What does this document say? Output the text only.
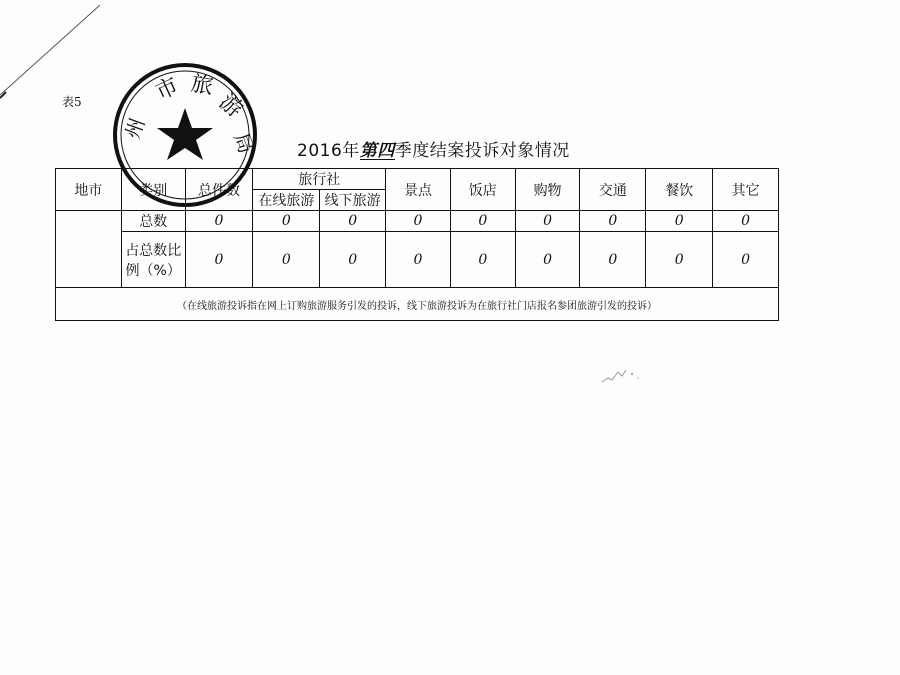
表5
州
市 旅
游
局 2016年第四季度结案投诉对象情况
地市	类别	总件数	旅行社		景点	饭店	购物	交通	餐饮	其它
			在线旅游	线下旅游						
	总数	0	0	0	0	0	0	0	0	0

	占总数比
例（%）	0	0	0	0	0	0	0	0	0
（在线旅游投诉指在网上订购旅游服务引发的投诉，线下旅游投诉为在旅行社门店报名参团旅游引发的投诉）										
